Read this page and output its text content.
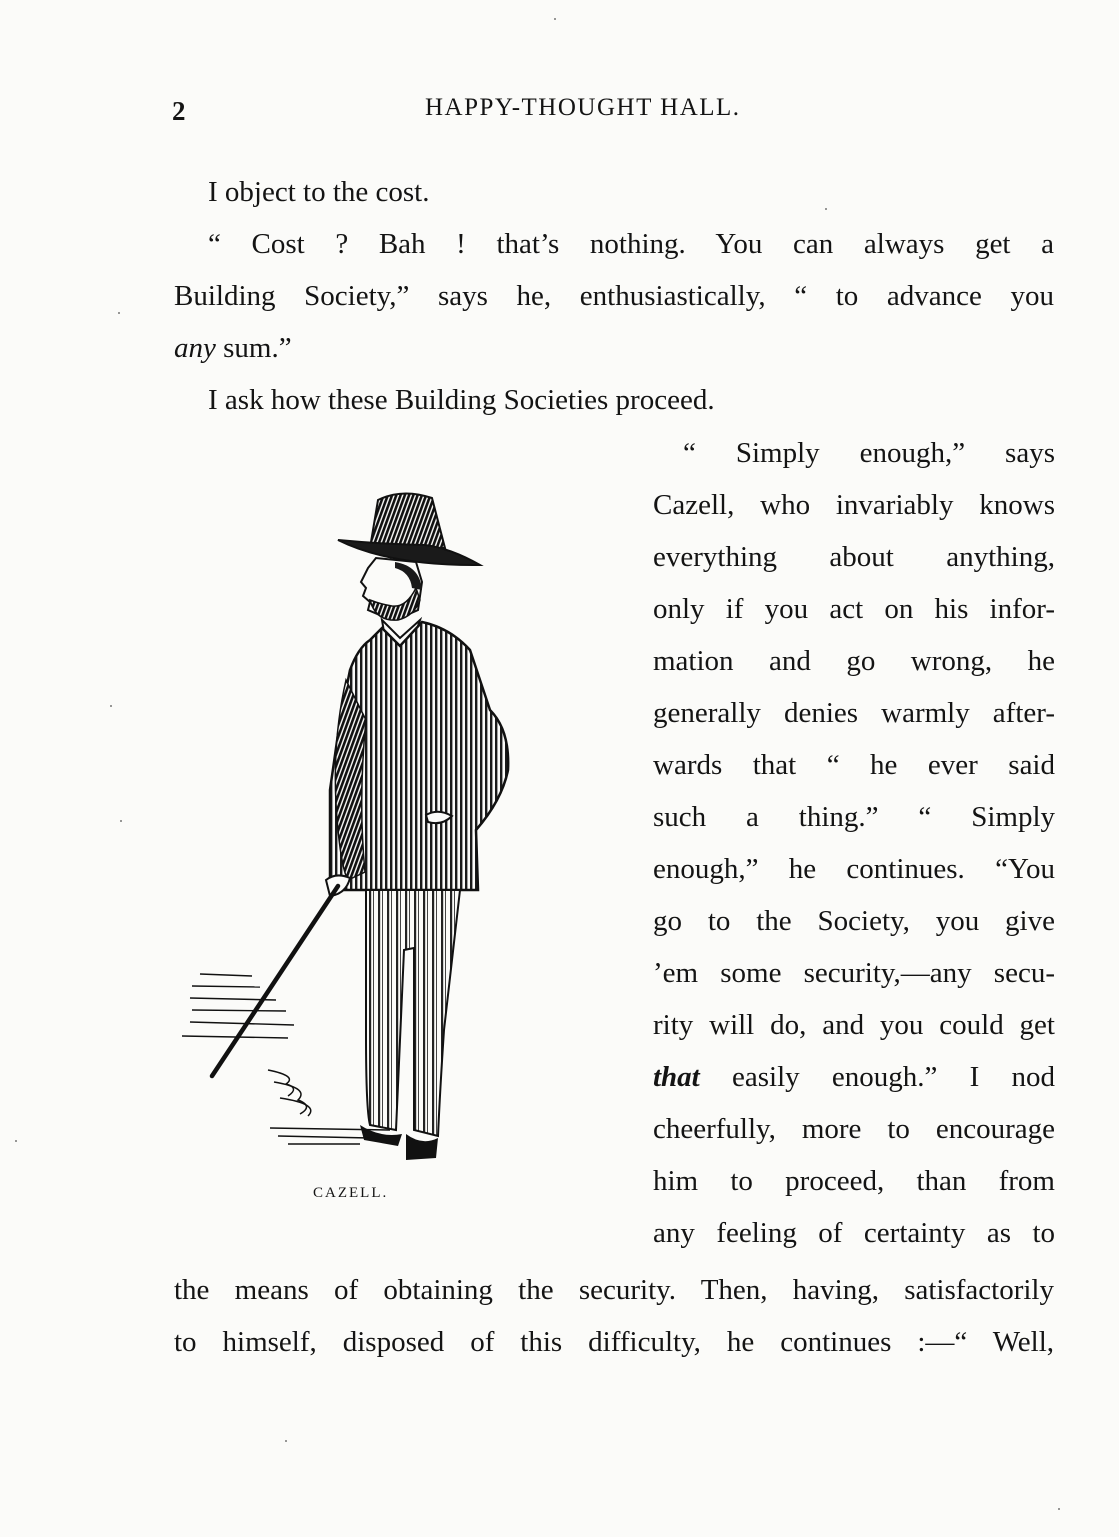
2	HAPPY-THOUGHT HALL.
I object to the cost.
“ Cost ? Bah ! that’s nothing. You can always get a
Building Society,” says he, enthusiastically, “ to advance you
any sum.”
I ask how these Building Societies proceed.
“ Simply enough,” says
Cazell, who invariably knows
everything about anything,
only if you act on his infor-
mation and go wrong, he
generally denies warmly after-
wards that “ he ever said
such a thing.” “ Simply
enough,” he continues. “You
go to the Society, you give
’em some security,—any secu-
rity will do, and you could get
that easily enough.” I nod
cheerfully, more to encourage
him to proceed, than from
any feeling of certainty as to
the means of obtaining the security. Then, having, satisfactorily
to himself, disposed of this difficulty, he continues :—“ Well,
CAZELL.
